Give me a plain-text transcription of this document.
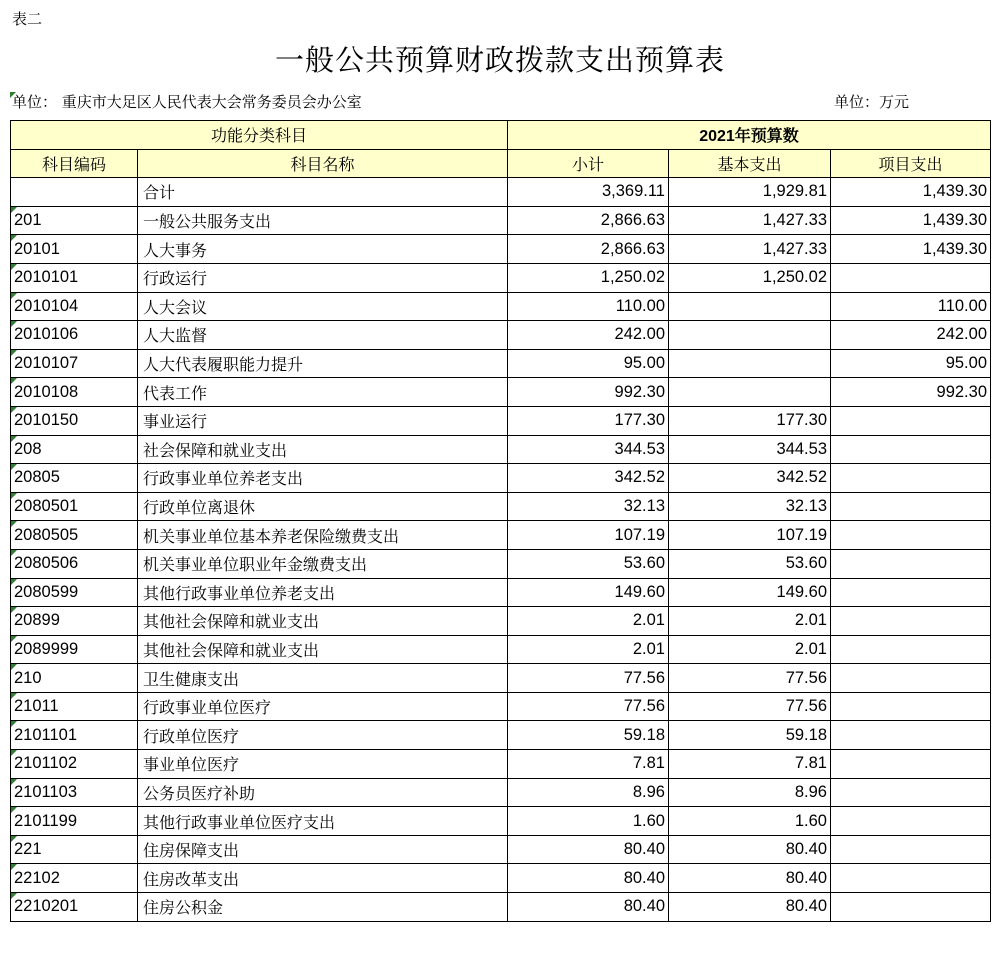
表二
一般公共预算财政拨款支出预算表
单位： 重庆市大足区人民代表大会常务委员会办公室	单位：万元
功能分类科目		2021年预算数		
科目编码	科目名称	小计	基本支出	项目支出
	合计	3,369.11	1,929.81	1,439.30
201	一般公共服务支出	2,866.63	1,427.33	1,439.30
20101	人大事务	2,866.63	1,427.33	1,439.30
2010101	行政运行	1,250.02	1,250.02	
2010104	人大会议	110.00		110.00
2010106	人大监督	242.00		242.00
2010107	人大代表履职能力提升	95.00		95.00
2010108	代表工作	992.30		992.30
2010150	事业运行	177.30	177.30	
208	社会保障和就业支出	344.53	344.53	
20805	行政事业单位养老支出	342.52	342.52	
2080501	行政单位离退休	32.13	32.13	
2080505	机关事业单位基本养老保险缴费支出	107.19	107.19	
2080506	机关事业单位职业年金缴费支出	53.60	53.60	
2080599	其他行政事业单位养老支出	149.60	149.60	
20899	其他社会保障和就业支出	2.01	2.01	
2089999	其他社会保障和就业支出	2.01	2.01	
210	卫生健康支出	77.56	77.56	
21011	行政事业单位医疗	77.56	77.56	
2101101	行政单位医疗	59.18	59.18	
2101102	事业单位医疗	7.81	7.81	
2101103	公务员医疗补助	8.96	8.96	
2101199	其他行政事业单位医疗支出	1.60	1.60	
221	住房保障支出	80.40	80.40	
22102	住房改革支出	80.40	80.40	
2210201	住房公积金	80.40	80.40	
